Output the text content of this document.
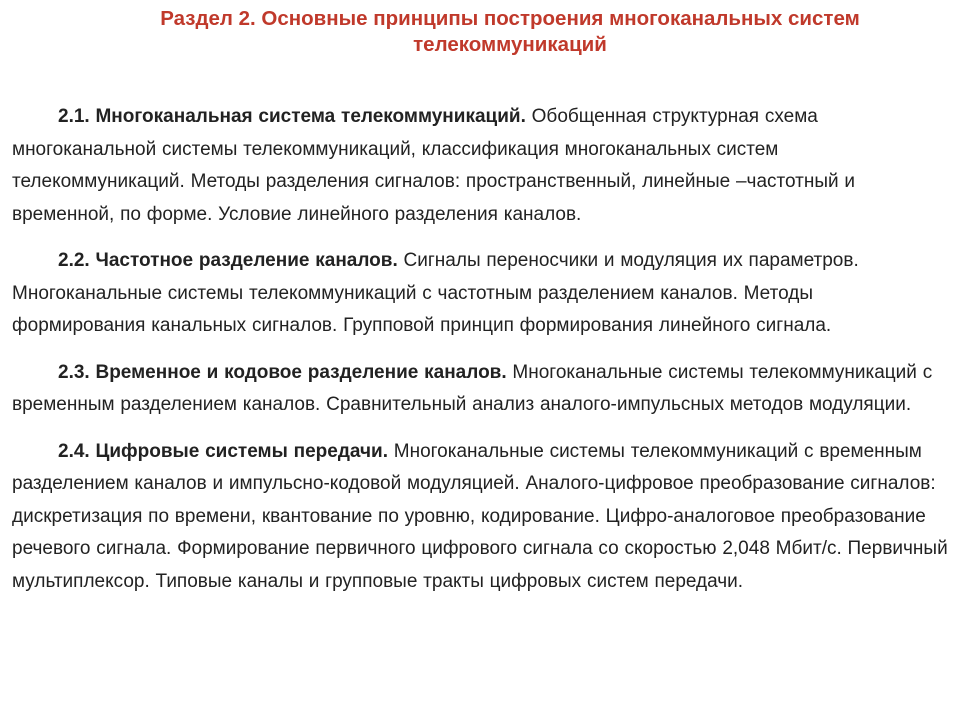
Раздел 2. Основные принципы построения многоканальных систем
телекоммуникаций

2.1. Многоканальная система телекоммуникаций. Обобщенная структурная схема многоканальной системы телекоммуникаций, классификация многоканальных систем телекоммуникаций. Методы разделения сигналов: пространственный, линейные –частотный и временной, по форме. Условие линейного разделения каналов.

2.2. Частотное разделение каналов. Сигналы переносчики и модуляция их параметров. Многоканальные системы телекоммуникаций с частотным разделением каналов. Методы формирования канальных сигналов. Групповой принцип формирования линейного сигнала.

2.3. Временное и кодовое разделение каналов. Многоканальные системы телекоммуникаций с временным разделением каналов. Сравнительный анализ аналого-импульсных методов модуляции.

2.4. Цифровые системы передачи. Многоканальные системы телекоммуникаций с временным разделением каналов и импульсно-кодовой модуляцией. Аналого-цифровое преобразование сигналов: дискретизация по времени, квантование по уровню, кодирование. Цифро-аналоговое преобразование речевого сигнала. Формирование первичного цифрового сигнала со скоростью 2,048 Мбит/с. Первичный мультиплексор. Типовые каналы и групповые тракты цифровых систем передачи.
